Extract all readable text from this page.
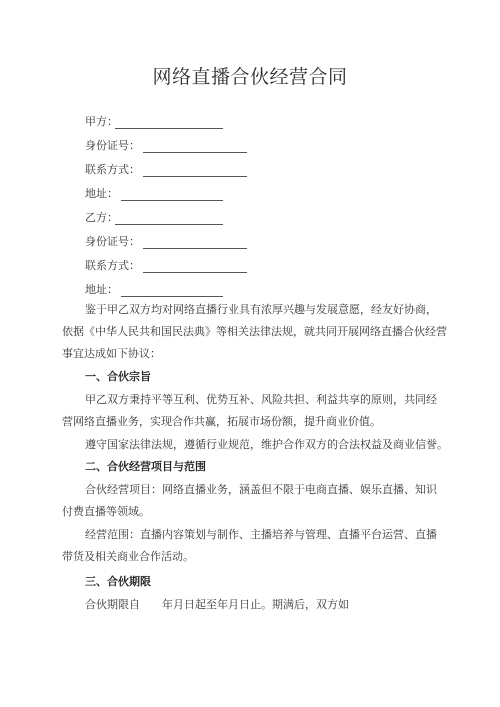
网络直播合伙经营合同
甲方：
身份证号：
联系方式：
地址：
乙方：
身份证号：
联系方式：
地址：
鉴于甲乙双方均对网络直播行业具有浓厚兴趣与发展意愿，经友好协商，
依据《中华人民共和国民法典》等相关法律法规，就共同开展网络直播合伙经营
事宜达成如下协议：
一、合伙宗旨
甲乙双方秉持平等互利、优势互补、风险共担、利益共享的原则，共同经
营网络直播业务，实现合作共赢，拓展市场份额，提升商业价值。
遵守国家法律法规，遵循行业规范，维护合作双方的合法权益及商业信誉。
二、合伙经营项目与范围
合伙经营项目：网络直播业务，涵盖但不限于电商直播、娱乐直播、知识
付费直播等领域。
经营范围：直播内容策划与制作、主播培养与管理、直播平台运营、直播
带货及相关商业合作活动。
三、合伙期限
合伙期限自　　年月日起至年月日止。期满后，双方如
